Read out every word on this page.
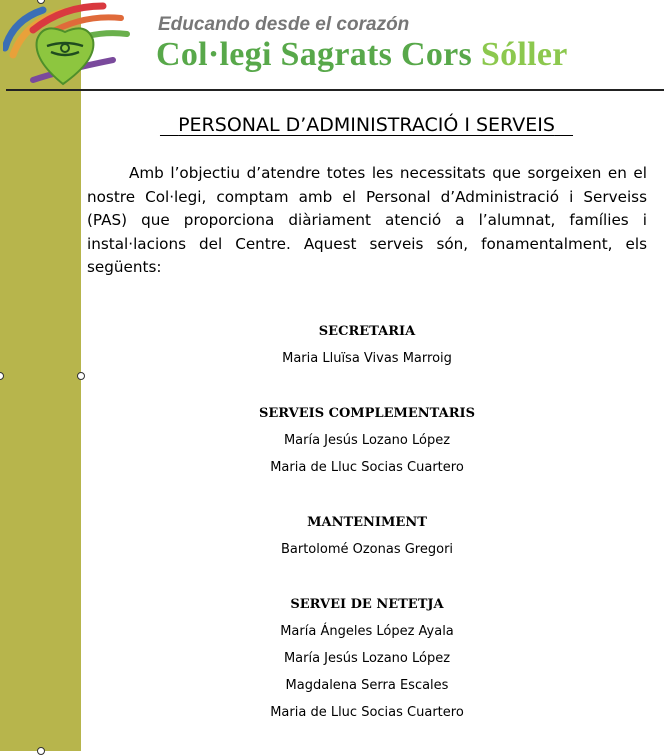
Educando desde el corazón
Col·legi Sagrats Cors Sóller
PERSONAL D’ADMINISTRACIÓ I SERVEIS
Amb l’objectiu d’atendre totes les necessitats que sorgeixen en el nostre Col·legi, comptam amb el Personal d’Administració i Serveiss (PAS) que proporciona diàriament atenció a l’alumnat, famílies i instal·lacions del Centre. Aquest serveis són, fonamentalment, els següents:
SECRETARIA
Maria Lluïsa Vivas Marroig
SERVEIS COMPLEMENTARIS
María Jesús Lozano López
Maria de Lluc Socias Cuartero
MANTENIMENT
Bartolomé Ozonas Gregori
SERVEI DE NETETJA
María Ángeles López Ayala
María Jesús Lozano López
Magdalena Serra Escales
Maria de Lluc Socias Cuartero
